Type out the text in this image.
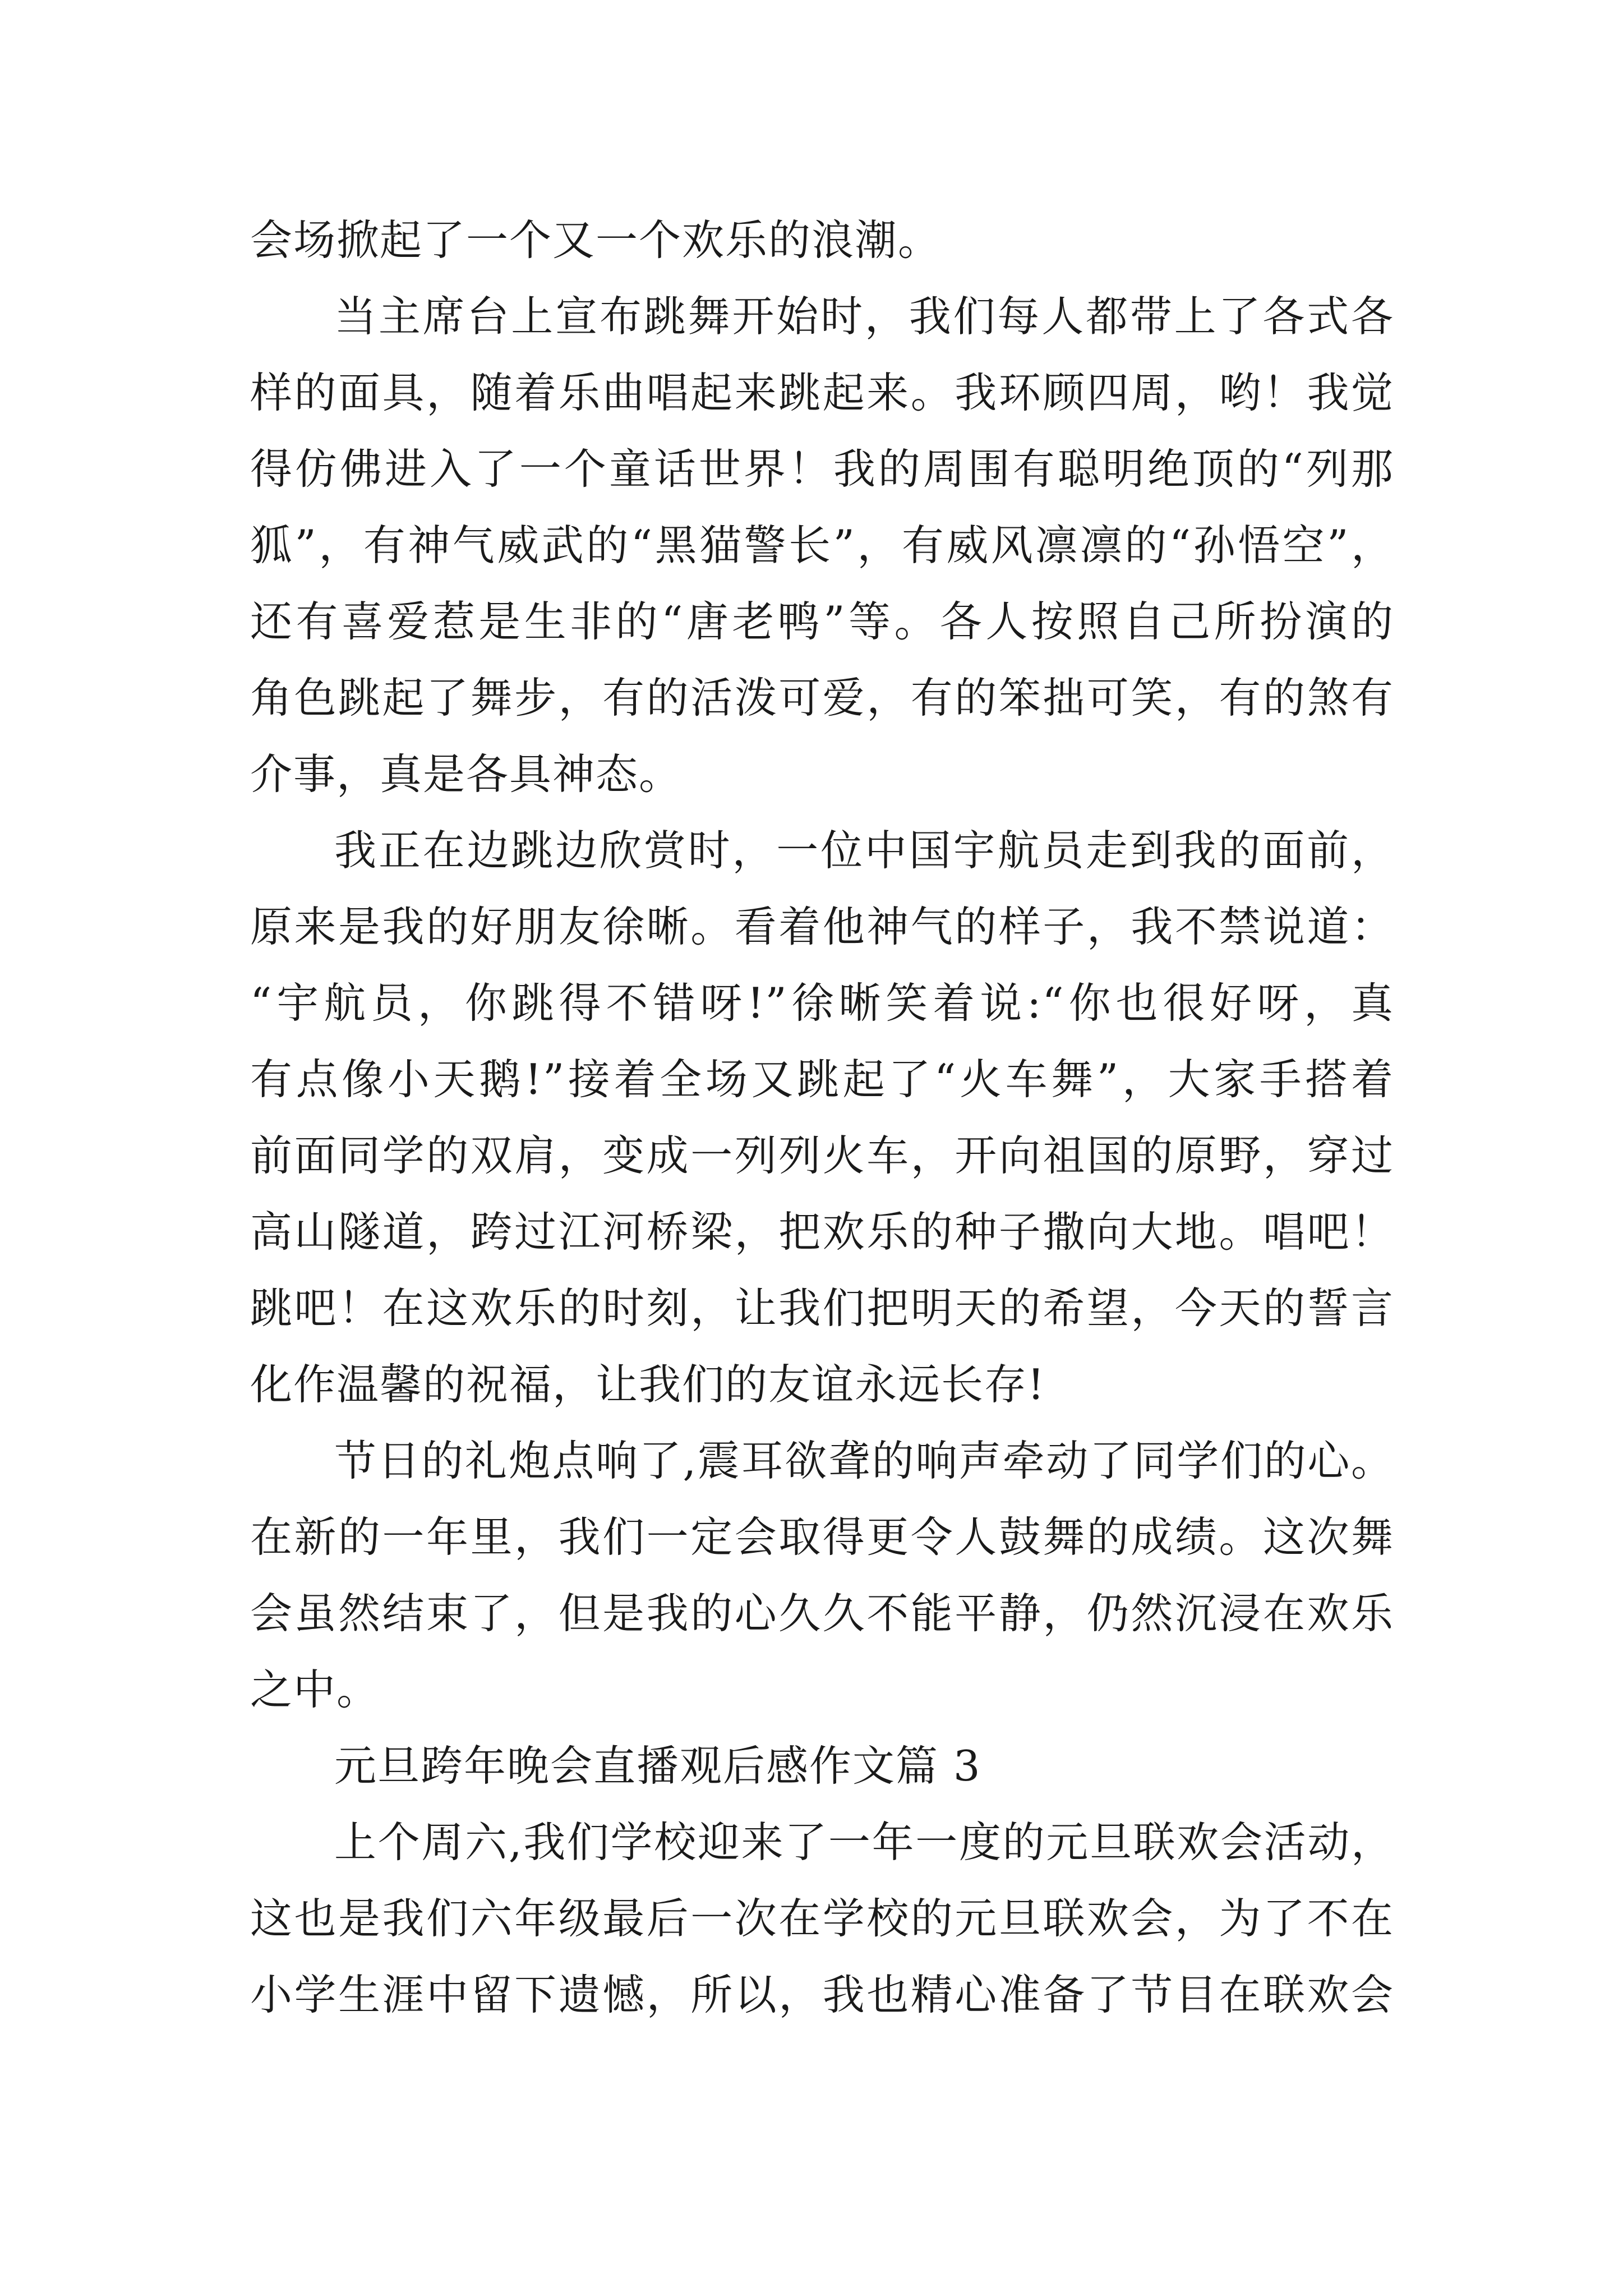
会场掀起了一个又一个欢乐的浪潮。
当主席台上宣布跳舞开始时，我们每人都带上了各式各
样的面具，随着乐曲唱起来跳起来。我环顾四周，哟！我觉
得仿佛进入了一个童话世界！我的周围有聪明绝顶的“列那
狐”，有神气威武的“黑猫警长”，有威风凛凛的“孙悟空”，
还有喜爱惹是生非的“唐老鸭”等。各人按照自己所扮演的
角色跳起了舞步，有的活泼可爱，有的笨拙可笑，有的煞有
介事，真是各具神态。
我正在边跳边欣赏时，一位中国宇航员走到我的面前，
原来是我的好朋友徐晰。看着他神气的样子，我不禁说道：
“宇航员，你跳得不错呀!”徐晰笑着说:“你也很好呀，真
有点像小天鹅!”接着全场又跳起了“火车舞”，大家手搭着
前面同学的双肩，变成一列列火车，开向祖国的原野，穿过
高山隧道，跨过江河桥梁，把欢乐的种子撒向大地。唱吧！
跳吧！在这欢乐的时刻，让我们把明天的希望，今天的誓言
化作温馨的祝福，让我们的友谊永远长存!
节日的礼炮点响了,震耳欲聋的响声牵动了同学们的心。
在新的一年里，我们一定会取得更令人鼓舞的成绩。这次舞
会虽然结束了，但是我的心久久不能平静，仍然沉浸在欢乐
之中。
元旦跨年晚会直播观后感作文篇 3
上个周六,我们学校迎来了一年一度的元旦联欢会活动，
这也是我们六年级最后一次在学校的元旦联欢会，为了不在
小学生涯中留下遗憾，所以，我也精心准备了节目在联欢会
